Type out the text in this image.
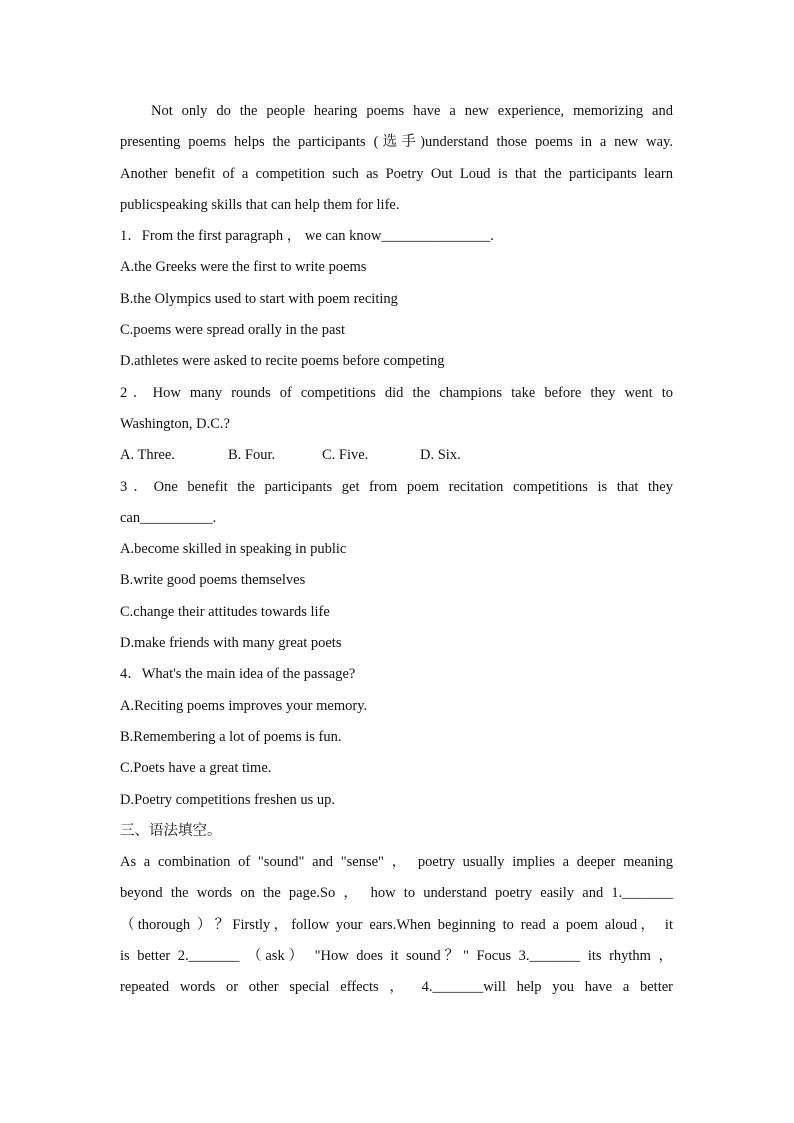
Not only do the people hearing poems have a new experience, memorizing and
presenting poems helps the participants (选手)understand those poems in a new way.
Another benefit of a competition such as Poetry Out Loud is that the participants learn
publicspeaking skills that can help them for life.
1．From the first paragraph ， we can know_______________.
A.the Greeks were the first to write poems
B.the Olympics used to start with poem reciting
C.poems were spread orally in the past
D.athletes were asked to recite poems before competing
2．How many rounds of competitions did the champions take before they went to
Washington, D.C.?
A. Three.	B. Four.	C. Five.	D. Six.
3．One benefit the participants get from poem recitation competitions is that they
can__________.
A.become skilled in speaking in public
B.write good poems themselves
C.change their attitudes towards life
D.make friends with many great poets
4．What's the main idea of the passage?
A.Reciting poems improves your memory.
B.Remembering a lot of poems is fun.
C.Poets have a great time.
D.Poetry competitions freshen us up.
三、语法填空。
As a combination of "sound" and "sense" ， poetry usually implies a deeper meaning
beyond the words on the page.So ， how to understand poetry easily and 1._______
（thorough ）？Firstly，follow your ears.When beginning to read a poem aloud， it
is better 2._______ （ask） "How does it sound？" Focus 3._______ its rhythm ，
repeated words or other special effects ， 4._______will help you have a better
